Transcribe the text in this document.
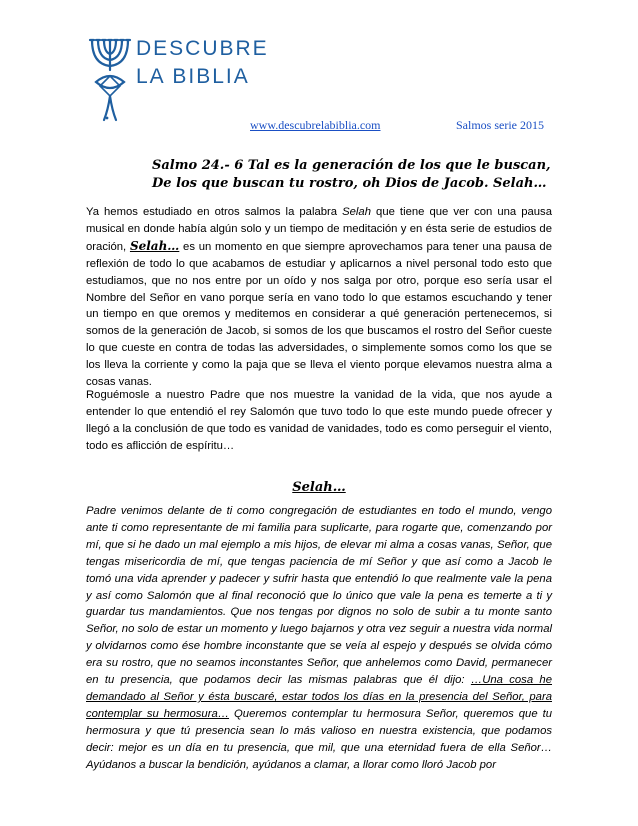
DESCUBRE
LA BIBLIA
www.descubrelabiblia.com	Salmos serie 2015
Salmo 24.- 6 Tal es la generación de los que le buscan,
De los que buscan tu rostro, oh Dios de Jacob. Selah…
Ya hemos estudiado en otros salmos la palabra Selah que tiene que ver con una pausa musical en donde había algún solo y un tiempo de meditación y en ésta serie de estudios de oración, Selah… es un momento en que siempre aprovechamos para tener una pausa de reflexión de todo lo que acabamos de estudiar y aplicarnos a nivel personal todo esto que estudiamos, que no nos entre por un oído y nos salga por otro, porque eso sería usar el Nombre del Señor en vano porque sería en vano todo lo que estamos escuchando y tener un tiempo en que oremos y meditemos en considerar a qué generación pertenecemos, si somos de la generación de Jacob, si somos de los que buscamos el rostro del Señor cueste lo que cueste en contra de todas las adversidades, o simplemente somos como los que se los lleva la corriente y como la paja que se lleva el viento porque elevamos nuestra alma a cosas vanas.
Roguémosle a nuestro Padre que nos muestre la vanidad de la vida, que nos ayude a entender lo que entendió el rey Salomón que tuvo todo lo que este mundo puede ofrecer y llegó a la conclusión de que todo es vanidad de vanidades, todo es como perseguir el viento, todo es aflicción de espíritu…
Selah…
Padre venimos delante de ti como congregación de estudiantes en todo el mundo, vengo ante ti como representante de mi familia para suplicarte, para rogarte que, comenzando por mí, que si he dado un mal ejemplo a mis hijos, de elevar mi alma a cosas vanas, Señor, que tengas misericordia de mí, que tengas paciencia de mí Señor y que así como a Jacob le tomó una vida aprender y padecer y sufrir hasta que entendió lo que realmente vale la pena y así como Salomón que al final reconoció que lo único que vale la pena es temerte a ti y guardar tus mandamientos. Que nos tengas por dignos no solo de subir a tu monte santo Señor, no solo de estar un momento y luego bajarnos y otra vez seguir a nuestra vida normal y olvidarnos como ése hombre inconstante que se veía al espejo y después se olvida cómo era su rostro, que no seamos inconstantes Señor, que anhelemos como David, permanecer en tu presencia, que podamos decir las mismas palabras que él dijo: …Una cosa he demandado al Señor y ésta buscaré, estar todos los días en la presencia del Señor, para contemplar su hermosura… Queremos contemplar tu hermosura Señor, queremos que tu hermosura y que tú presencia sean lo más valioso en nuestra existencia, que podamos decir: mejor es un día en tu presencia, que mil, que una eternidad fuera de ella Señor… Ayúdanos a buscar la bendición, ayúdanos a clamar, a llorar como lloró Jacob por
